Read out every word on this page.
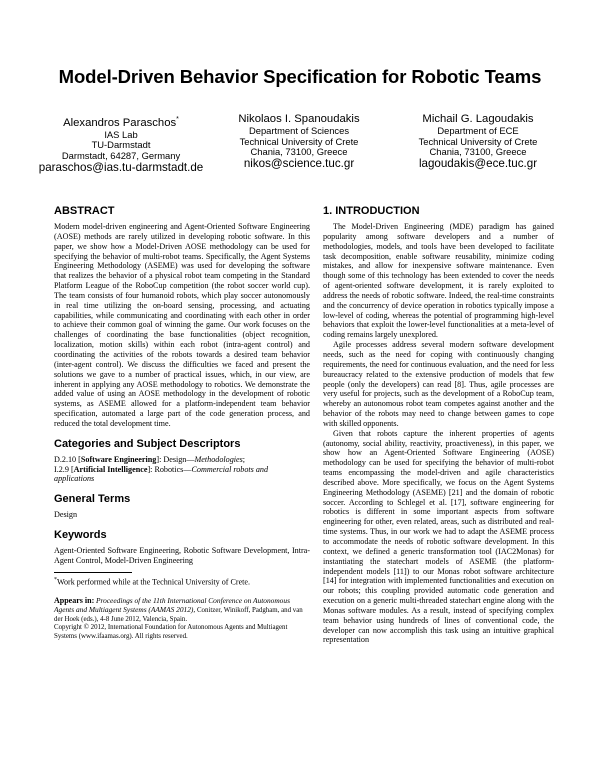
Model-Driven Behavior Specification for Robotic Teams
Alexandros Paraschos*
IAS Lab
TU-Darmstadt
Darmstadt, 64287, Germany
paraschos@ias.tu-darmstadt.de
Nikolaos I. Spanoudakis
Department of Sciences
Technical University of Crete
Chania, 73100, Greece
nikos@science.tuc.gr
Michail G. Lagoudakis
Department of ECE
Technical University of Crete
Chania, 73100, Greece
lagoudakis@ece.tuc.gr
ABSTRACT

Modern model-driven engineering and Agent-Oriented Software Engineering (AOSE) methods are rarely utilized in developing robotic software. In this paper, we show how a Model-Driven AOSE methodology can be used for specifying the behavior of multi-robot teams. Specifically, the Agent Systems Engineering Methodology (ASEME) was used for developing the software that realizes the behavior of a physical robot team competing in the Standard Platform League of the RoboCup competition (the robot soccer world cup). The team consists of four humanoid robots, which play soccer autonomously in real time utilizing the on-board sensing, processing, and actuating capabilities, while communicating and coordinating with each other in order to achieve their common goal of winning the game. Our work focuses on the challenges of coordinating the base functionalities (object recognition, localization, motion skills) within each robot (intra-agent control) and coordinating the activities of the robots towards a desired team behavior (inter-agent control). We discuss the difficulties we faced and present the solutions we gave to a number of practical issues, which, in our view, are inherent in applying any AOSE methodology to robotics. We demonstrate the added value of using an AOSE methodology in the development of robotic systems, as ASEME allowed for a platform-independent team behavior specification, automated a large part of the code generation process, and reduced the total development time.

Categories and Subject Descriptors

D.2.10 [Software Engineering]: Design—Methodologies;

I.2.9 [Artificial Intelligence]: Robotics—Commercial robots and applications

General Terms

Design

Keywords

Agent-Oriented Software Engineering, Robotic Software Development, Intra-Agent Control, Model-Driven Engineering

*Work performed while at the Technical University of Crete.

Appears in: Proceedings of the 11th International Conference on Autonomous Agents and Multiagent Systems (AAMAS 2012), Conitzer, Winikoff, Padgham, and van der Hoek (eds.), 4-8 June 2012, Valencia, Spain.
Copyright © 2012, International Foundation for Autonomous Agents and Multiagent Systems (www.ifaamas.org). All rights reserved.
1. INTRODUCTION

The Model-Driven Engineering (MDE) paradigm has gained popularity among software developers and a number of methodologies, models, and tools have been developed to facilitate task decomposition, enable software reusability, minimize coding mistakes, and allow for inexpensive software maintenance. Even though some of this technology has been extended to cover the needs of agent-oriented software development, it is rarely exploited to address the needs of robotic software. Indeed, the real-time constraints and the concurrency of device operation in robotics typically impose a low-level of coding, whereas the potential of programming high-level behaviors that exploit the lower-level functionalities at a meta-level of coding remains largely unexplored.

Agile processes address several modern software development needs, such as the need for coping with continuously changing requirements, the need for continuous evaluation, and the need for less bureaucracy related to the extensive production of models that few people (only the developers) can read [8]. Thus, agile processes are very useful for projects, such as the development of a RoboCup team, whereby an autonomous robot team competes against another and the behavior of the robots may need to change between games to cope with skilled opponents.

Given that robots capture the inherent properties of agents (autonomy, social ability, reactivity, proactiveness), in this paper, we show how an Agent-Oriented Software Engineering (AOSE) methodology can be used for specifying the behavior of multi-robot teams encompassing the model-driven and agile characteristics described above. More specifically, we focus on the Agent Systems Engineering Methodology (ASEME) [21] and the domain of robotic soccer. According to Schlegel et al. [17], software engineering for robotics is different in some important aspects from software engineering for other, even related, areas, such as distributed and real-time systems. Thus, in our work we had to adapt the ASEME process to accommodate the needs of robotic software development. In this context, we defined a generic transformation tool (IAC2Monas) for instantiating the statechart models of ASEME (the platform-independent models [11]) to our Monas robot software architecture [14] for integration with implemented functionalities and execution on our robots; this coupling provided automatic code generation and execution on a generic multi-threaded statechart engine along with the Monas software modules. As a result, instead of specifying complex team behavior using hundreds of lines of conventional code, the developer can now accomplish this task using an intuitive graphical representation
